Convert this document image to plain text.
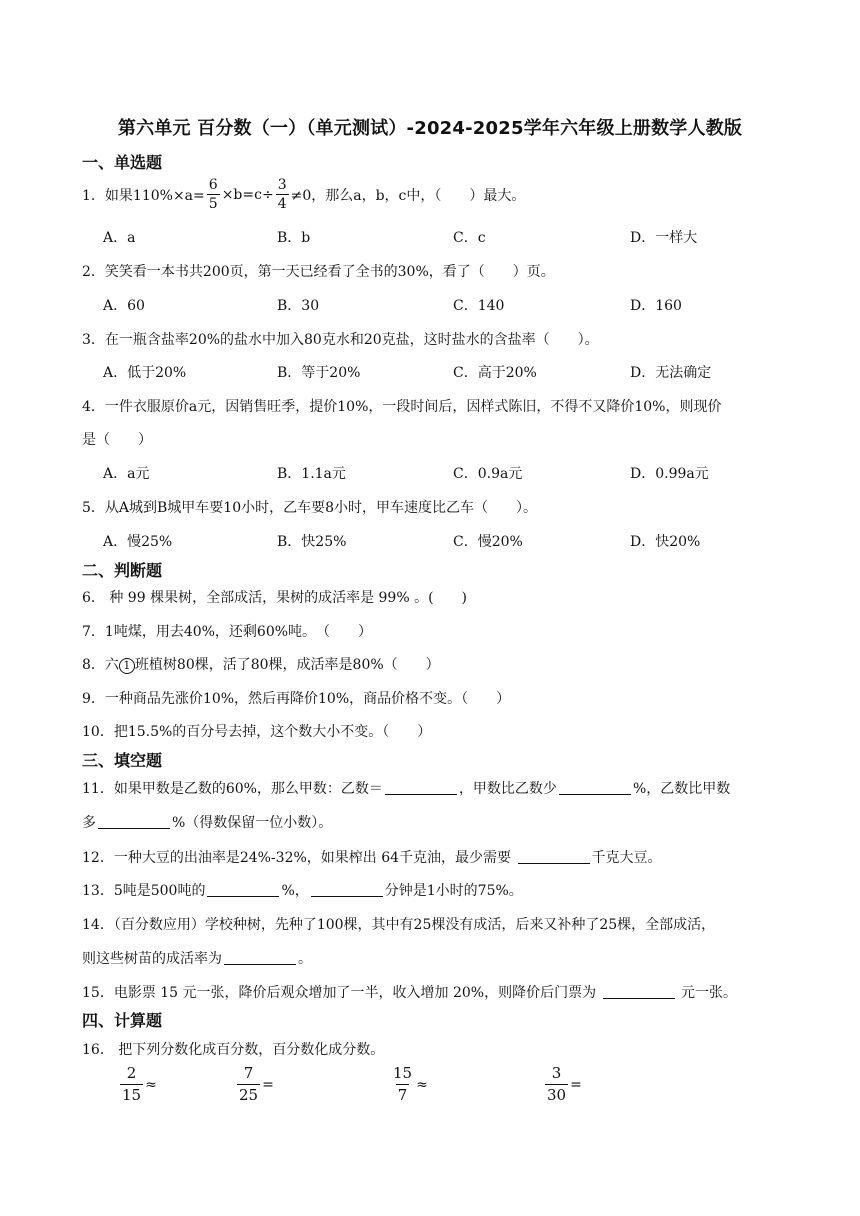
第六单元 百分数（一）（单元测试）-2024-2025学年六年级上册数学人教版
一、单选题
1． 如果$110\%\times a= \frac{6}{5} \times b=c\div \frac{3}{4} \ne 0$，那么a，b，c中，（　　）最大。
A．a	B．b	C．c	D．一样大
2．笑笑看一本书共200页，第一天已经看了全书的30%，看了（　　）页。
A．60	B．30	C．140	D．160
3．在一瓶含盐率20%的盐水中加入80克水和20克盐，这时盐水的含盐率（　　）。
A．低于20%	B．等于20%	C．高于20%	D．无法确定
4．一件衣服原价a元，因销售旺季，提价10%，一段时间后，因样式陈旧，不得不又降价10%，则现价
是（　　）
A．a元	B．1.1a元	C．0.9a元	D．0.99a元
5．从A城到B城甲车要10小时，乙车要8小时，甲车速度比乙车（　　）。
A．慢25%	B．快25%	C．慢20%	D．快20%
二、判断题
6． 种 99 棵果树，全部成活，果树的成活率是 99% 。(　　)
7．1吨煤，用去40%，还剩60%吨。　（　　）
8．六 1 班植树80棵，活了80棵，成活率是80%（　　）
9．一种商品先涨价10%，然后再降价10%，商品价格不变。（　　）
10．把15.5%的百分号去掉，这个数大小不变。（　　）
三、填空题
11．如果甲数是乙数的60%，那么甲数：乙数＝	，甲数比乙数少	%，乙数比甲数
多	%（得数保留一位小数）。
12．一种大豆的出油率是24%-32%，如果榨出 64千克油，最少需要	千克大豆。
13．5吨是500吨的	%，	分钟是1小时的75%。
14．（百分数应用）学校种树，先种了100棵，其中有25棵没有成活，后来又补种了25棵，全部成活，
则这些树苗的成活率为	。
15．电影票 15 元一张，降价后观众增加了一半，收入增加 20%，则降价后门票为	元一张。
四、计算题
16． 把下列分数化成百分数，百分数化成分数。
$\frac{2}{15}$ ≈	$\frac{7}{25}$ =	$\frac{15}{7}$ ≈	$\frac{3}{30}$ =
